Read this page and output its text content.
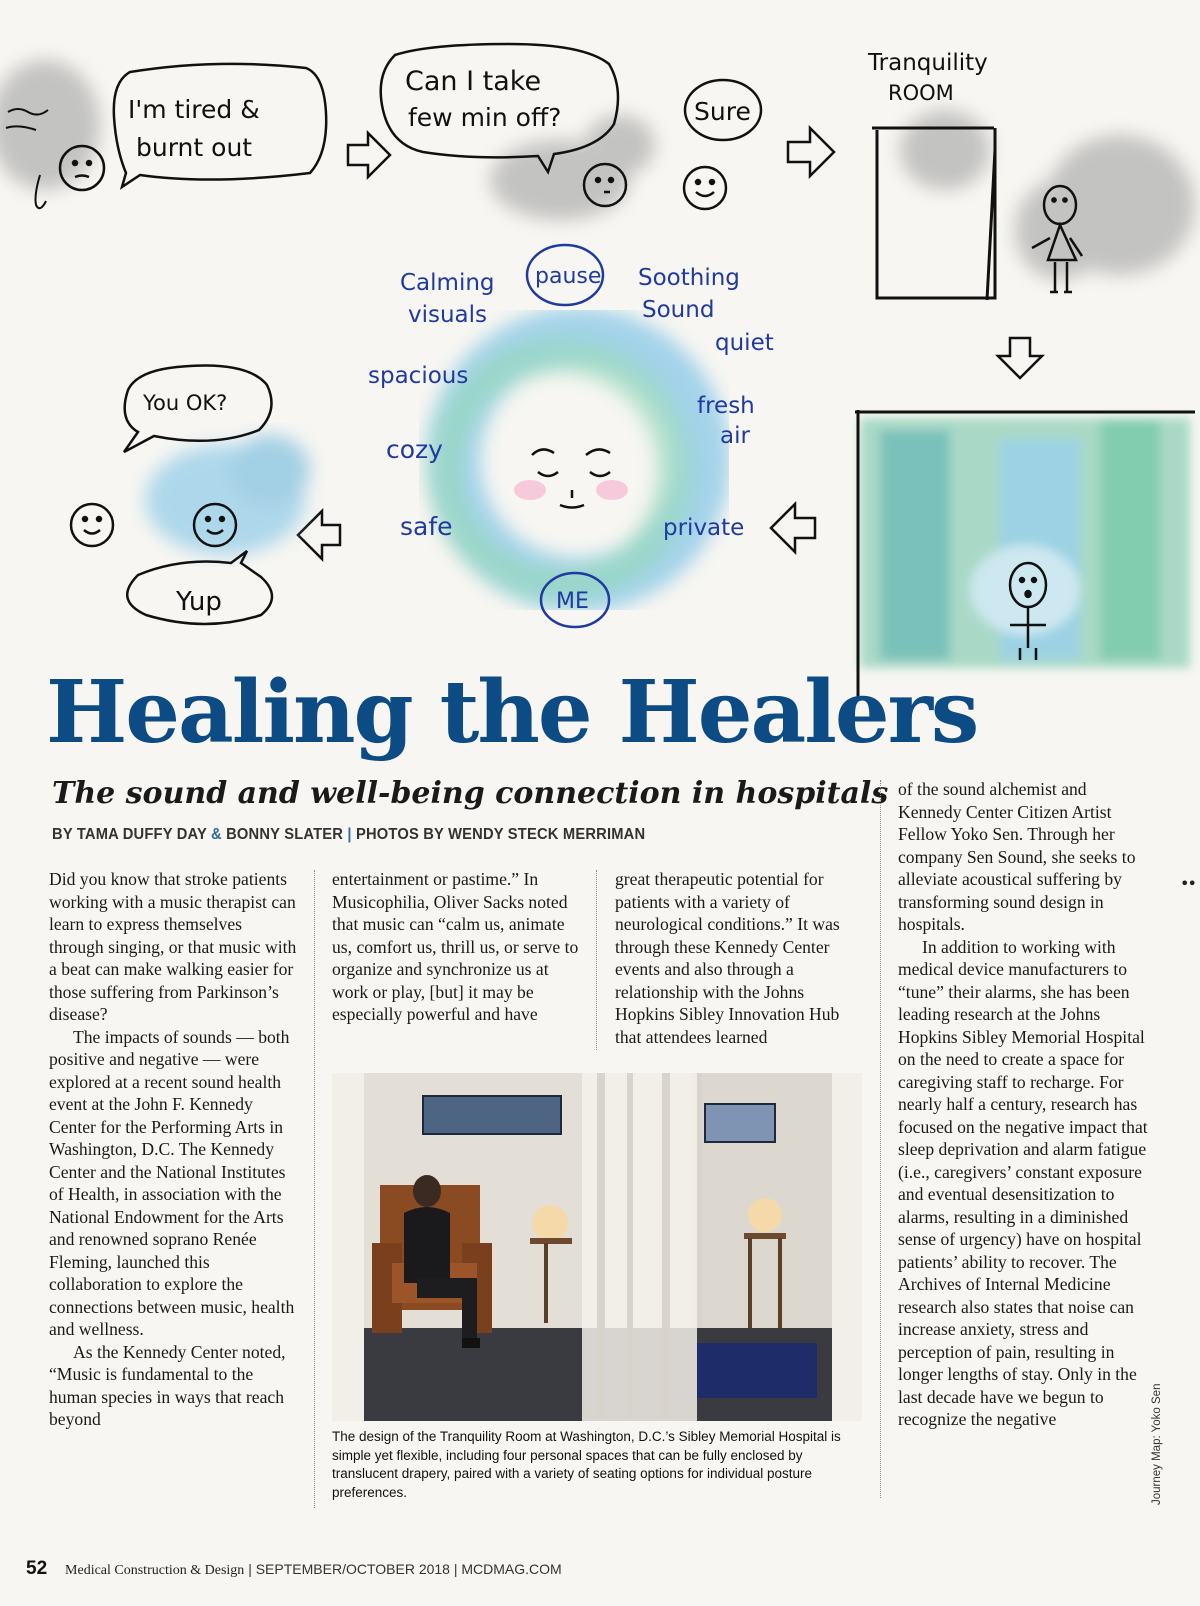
I'm tired &
burnt out
Can I take
few min off?	Sure
Tranquility
ROOM
Calming
visuals
pause Soothing
Sound
quiet
spacious
fresh
air
cozy
safe	private
ME
You OK?
Yup
Healing the Healers
The sound and well-being connection in hospitals
BY TAMA DUFFY DAY & BONNY SLATER | PHOTOS BY WENDY STECK MERRIMAN

Did you know that stroke patients working with a music therapist can learn to express themselves through singing, or that music with a beat can make walking easier for those suffering from Parkinson’s disease?

The impacts of sounds — both positive and negative — were explored at a recent sound health event at the John F. Kennedy Center for the Performing Arts in Washington, D.C. The Kennedy Center and the National Institutes of Health, in association with the National Endowment for the Arts and renowned soprano Renée Fleming, launched this collaboration to explore the connections between music, health and wellness.

As the Kennedy Center noted, “Music is fundamental to the human species in ways that reach beyond

entertainment or pastime.” In Musicophilia, Oliver Sacks noted that music can “calm us, animate us, comfort us, thrill us, or serve to organize and synchronize us at work or play, [but] it may be especially powerful and have

great therapeutic potential for patients with a variety of neurological conditions.” It was through these Kennedy Center events and also through a relationship with the Johns Hopkins Sibley Innovation Hub that attendees learned

of the sound alchemist and Kennedy Center Citizen Artist Fellow Yoko Sen. Through her company Sen Sound, she seeks to alleviate acoustical suffering by transforming sound design in hospitals.

In addition to working with medical device manufacturers to “tune” their alarms, she has been leading research at the Johns Hopkins Sibley Memorial Hospital on the need to create a space for caregiving staff to recharge. For nearly half a century, research has focused on the negative impact that sleep deprivation and alarm fatigue (i.e., caregivers’ constant exposure and eventual desensitization to alarms, resulting in a diminished sense of urgency) have on hospital patients’ ability to recover. The Archives of Internal Medicine research also states that noise can increase anxiety, stress and perception of pain, resulting in longer lengths of stay. Only in the last decade have we begun to recognize the negative

••
The design of the Tranquility Room at Washington, D.C.’s Sibley Memorial Hospital is simple yet flexible, including four personal spaces that can be fully enclosed by translucent drapery, paired with a variety of seating options for individual posture preferences.	Journey Map: Yoko Sen
52 Medical Construction & Design | SEPTEMBER/OCTOBER 2018 | MCDMAG.COM
